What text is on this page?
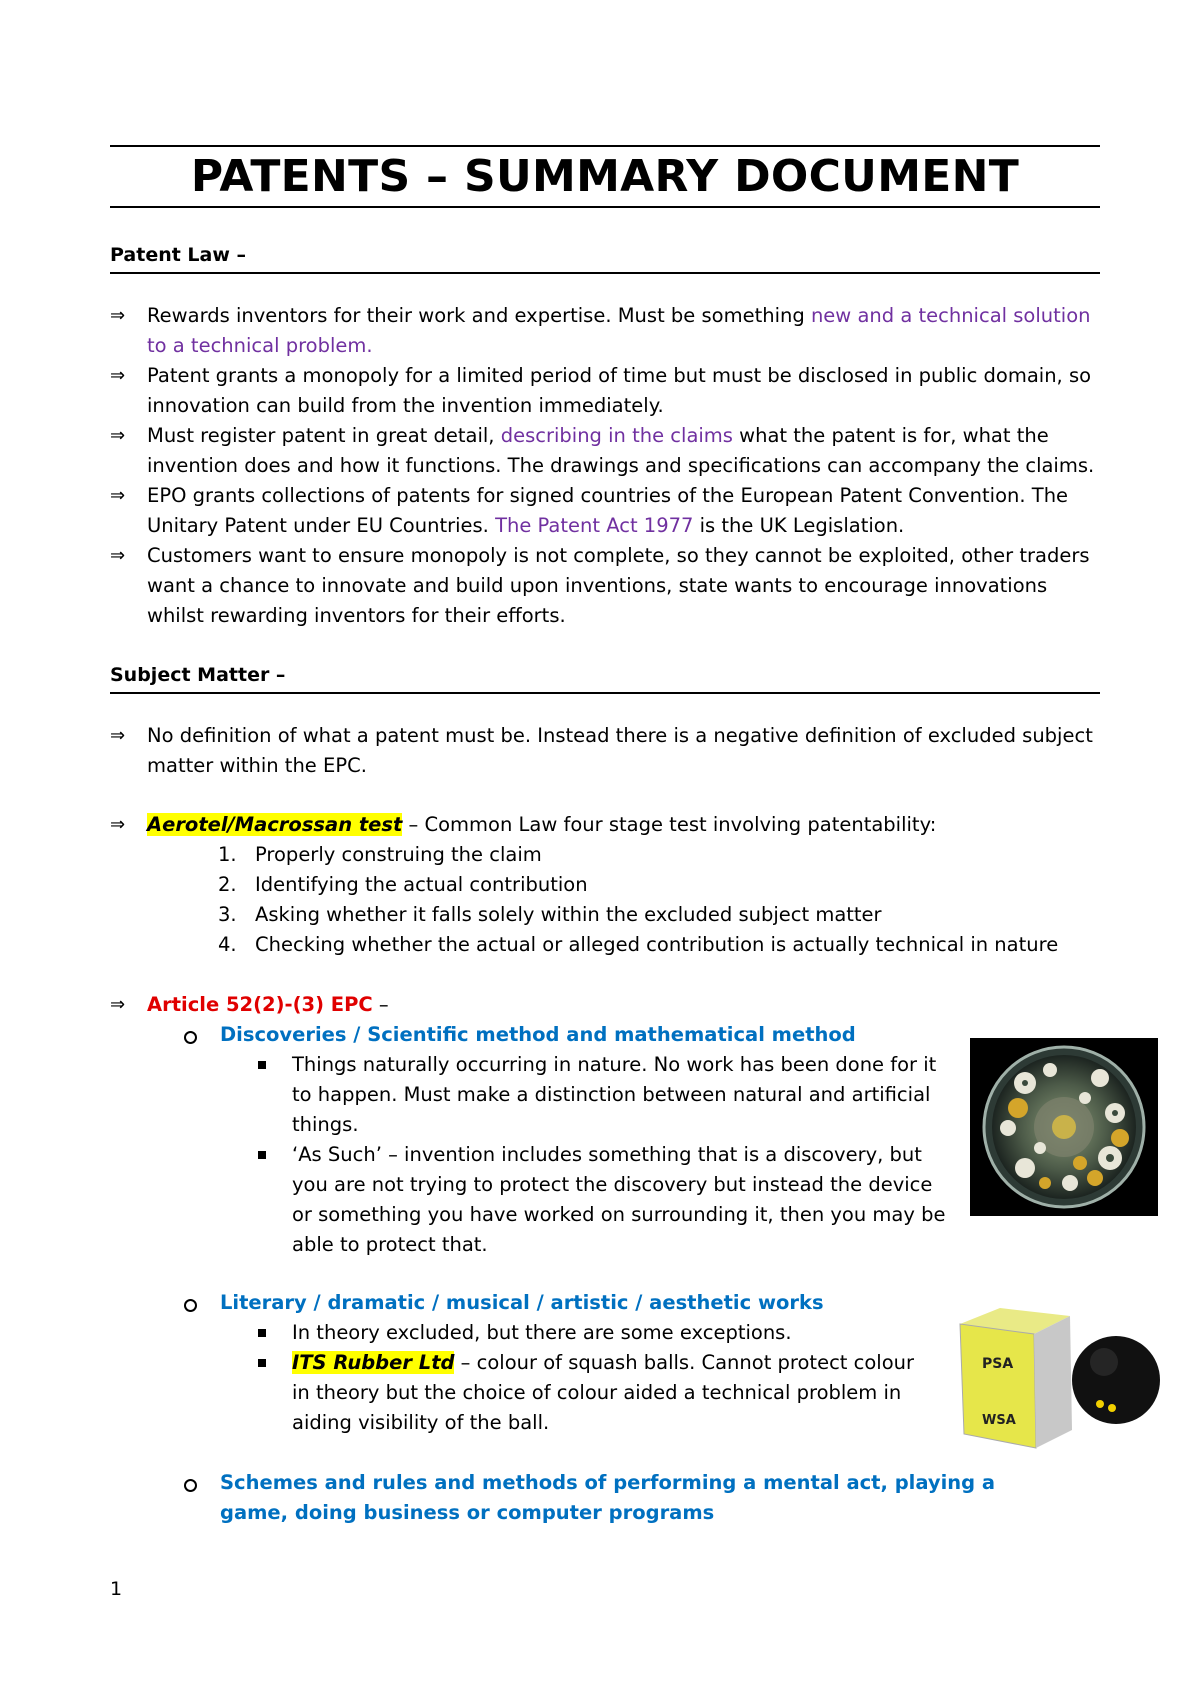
PATENTS – SUMMARY DOCUMENT
Patent Law –
⇒	Rewards inventors for their work and expertise. Must be something new and a technical solution to a technical problem.
⇒	Patent grants a monopoly for a limited period of time but must be disclosed in public domain, so innovation can build from the invention immediately.
⇒	Must register patent in great detail, describing in the claims what the patent is for, what the invention does and how it functions. The drawings and specifications can accompany the claims.
⇒	EPO grants collections of patents for signed countries of the European Patent Convention. The Unitary Patent under EU Countries. The Patent Act 1977 is the UK Legislation.
⇒	Customers want to ensure monopoly is not complete, so they cannot be exploited, other traders want a chance to innovate and build upon inventions, state wants to encourage innovations whilst rewarding inventors for their efforts.
Subject Matter –
⇒	No definition of what a patent must be. Instead there is a negative definition of excluded subject matter within the EPC.
⇒	Aerotel/Macrossan test – Common Law four stage test involving patentability:
1. Properly construing the claim
2. Identifying the actual contribution
3. Asking whether it falls solely within the excluded subject matter
4. Checking whether the actual or alleged contribution is actually technical in nature
⇒	Article 52(2)-(3) EPC –
Discoveries / Scientific method and mathematical method
Things naturally occurring in nature. No work has been done for it to happen. Must make a distinction between natural and artificial things.
‘As Such’ – invention includes something that is a discovery, but you are not trying to protect the discovery but instead the device or something you have worked on surrounding it, then you may be able to protect that.
Literary / dramatic / musical / artistic / aesthetic works
In theory excluded, but there are some exceptions.
ITS Rubber Ltd – colour of squash balls. Cannot protect colour in theory but the choice of colour aided a technical problem in aiding visibility of the ball.
Schemes and rules and methods of performing a mental act, playing a game, doing business or computer programs
PSA
WSA
1
